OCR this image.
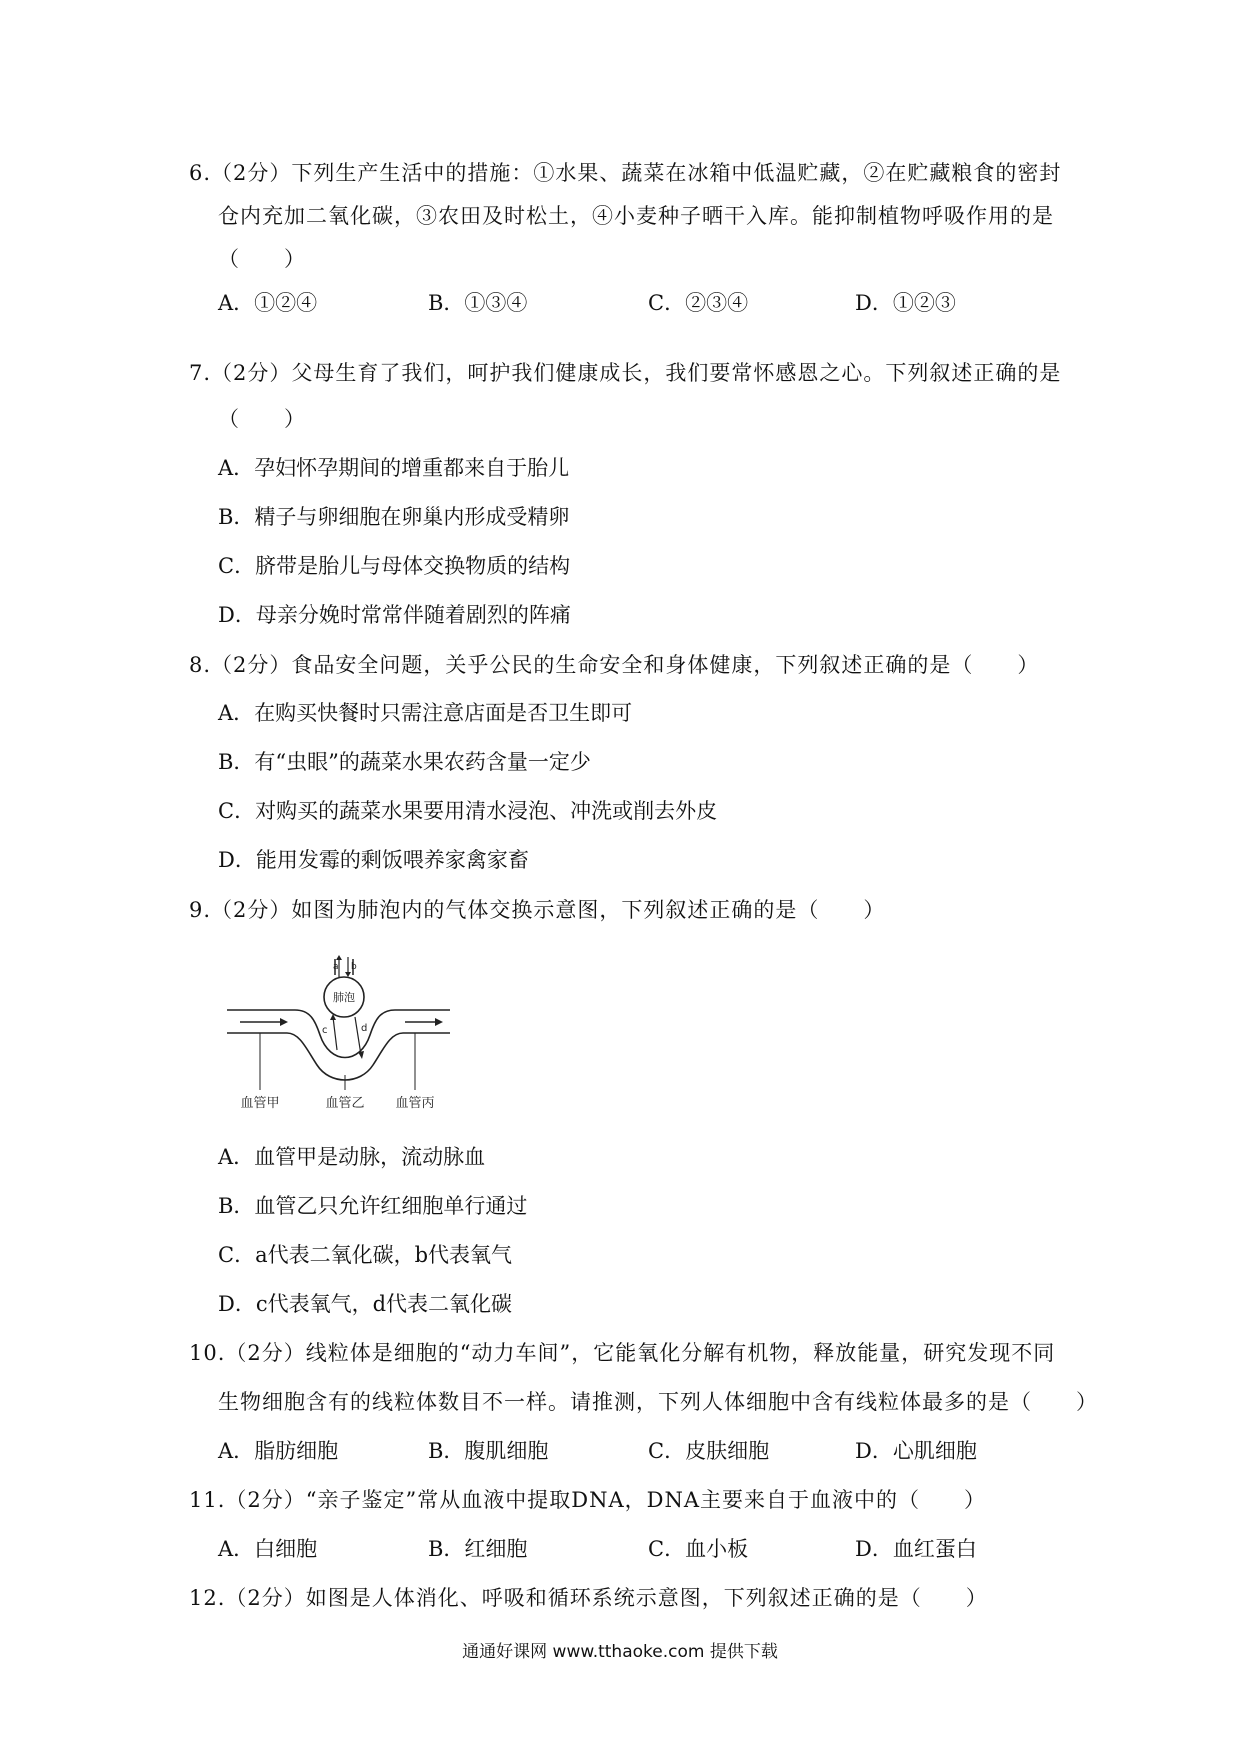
6.（2分）下列生产生活中的措施：①水果、蔬菜在冰箱中低温贮藏，②在贮藏粮食的密封
仓内充加二氧化碳，③农田及时松土，④小麦种子晒干入库。能抑制植物呼吸作用的是
（　　）
A．①②④	B．①③④	C．②③④	D．①②③
7.（2分）父母生育了我们，呵护我们健康成长，我们要常怀感恩之心。下列叙述正确的是
（　　）
A．孕妇怀孕期间的增重都来自于胎儿
B．精子与卵细胞在卵巢内形成受精卵
C．脐带是胎儿与母体交换物质的结构
D．母亲分娩时常常伴随着剧烈的阵痛
8.（2分）食品安全问题，关乎公民的生命安全和身体健康，下列叙述正确的是（　　）
A．在购买快餐时只需注意店面是否卫生即可
B．有“虫眼”的蔬菜水果农药含量一定少
C．对购买的蔬菜水果要用清水浸泡、冲洗或削去外皮
D．能用发霉的剩饭喂养家禽家畜
9.（2分）如图为肺泡内的气体交换示意图，下列叙述正确的是（　　）
肺泡
a b
c	d
血管甲	血管乙 血管丙
A．血管甲是动脉，流动脉血
B．血管乙只允许红细胞单行通过
C．a代表二氧化碳，b代表氧气
D．c代表氧气，d代表二氧化碳
10.（2分）线粒体是细胞的“动力车间”，它能氧化分解有机物，释放能量，研究发现不同
生物细胞含有的线粒体数目不一样。请推测，下列人体细胞中含有线粒体最多的是（　　）
A．脂肪细胞	B．腹肌细胞	C．皮肤细胞	D．心肌细胞
11.（2分）“亲子鉴定”常从血液中提取DNA，DNA主要来自于血液中的（　　）
A．白细胞	B．红细胞	C．血小板	D．血红蛋白
12.（2分）如图是人体消化、呼吸和循环系统示意图，下列叙述正确的是（　　）
通通好课网 www.tthaoke.com 提供下载
